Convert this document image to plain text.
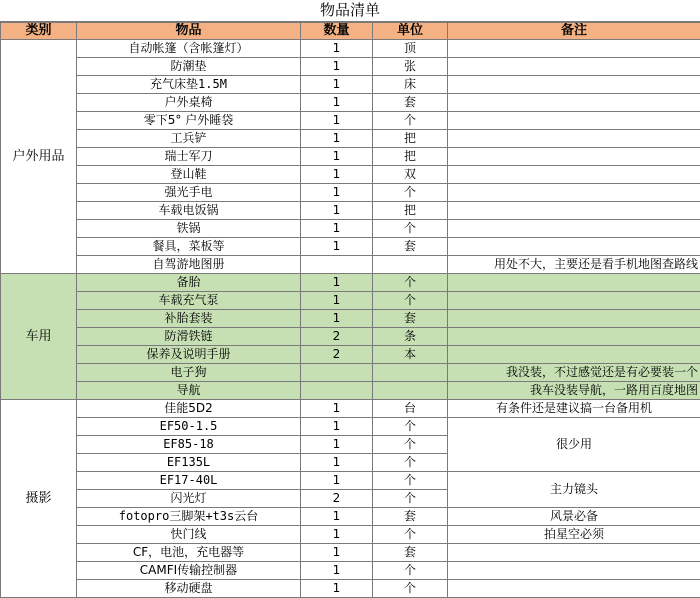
物品清单
类别	物品	数量	单位	备注
户外用品	自动帐篷（含帐篷灯）	1	顶	
	防潮垫	1	张	
	充气床垫1.5M	1	床	
	户外桌椅	1	套	
	零下5° 户外睡袋	1	个	
	工兵铲	1	把	
	瑞士军刀	1	把	
	登山鞋	1	双	
	强光手电	1	个	
	车载电饭锅	1	把	
	铁锅	1	个	
	餐具，菜板等	1	套	
	自驾游地图册			用处不大，主要还是看手机地图查路线
车用	备胎	1	个	
	车载充气泵	1	个	
	补胎套装	1	套	
	防滑铁链	2	条	
	保养及说明手册	2	本	
	电子狗			我没装，不过感觉还是有必要装一个
	导航			我车没装导航，一路用百度地图
摄影	佳能5D2	1	台	有条件还是建议搞一台备用机
	EF50-1.5	1	个	很少用
	EF85-18	1	个	
	EF135L	1	个	
	EF17-40L	1	个	主力镜头
	闪光灯	2	个	
	fotopro三脚架+t3s云台	1	套	风景必备
	快门线	1	个	拍星空必须
	CF，电池，充电器等	1	套	
	CAMFI传输控制器	1	个	
	移动硬盘	1	个	
